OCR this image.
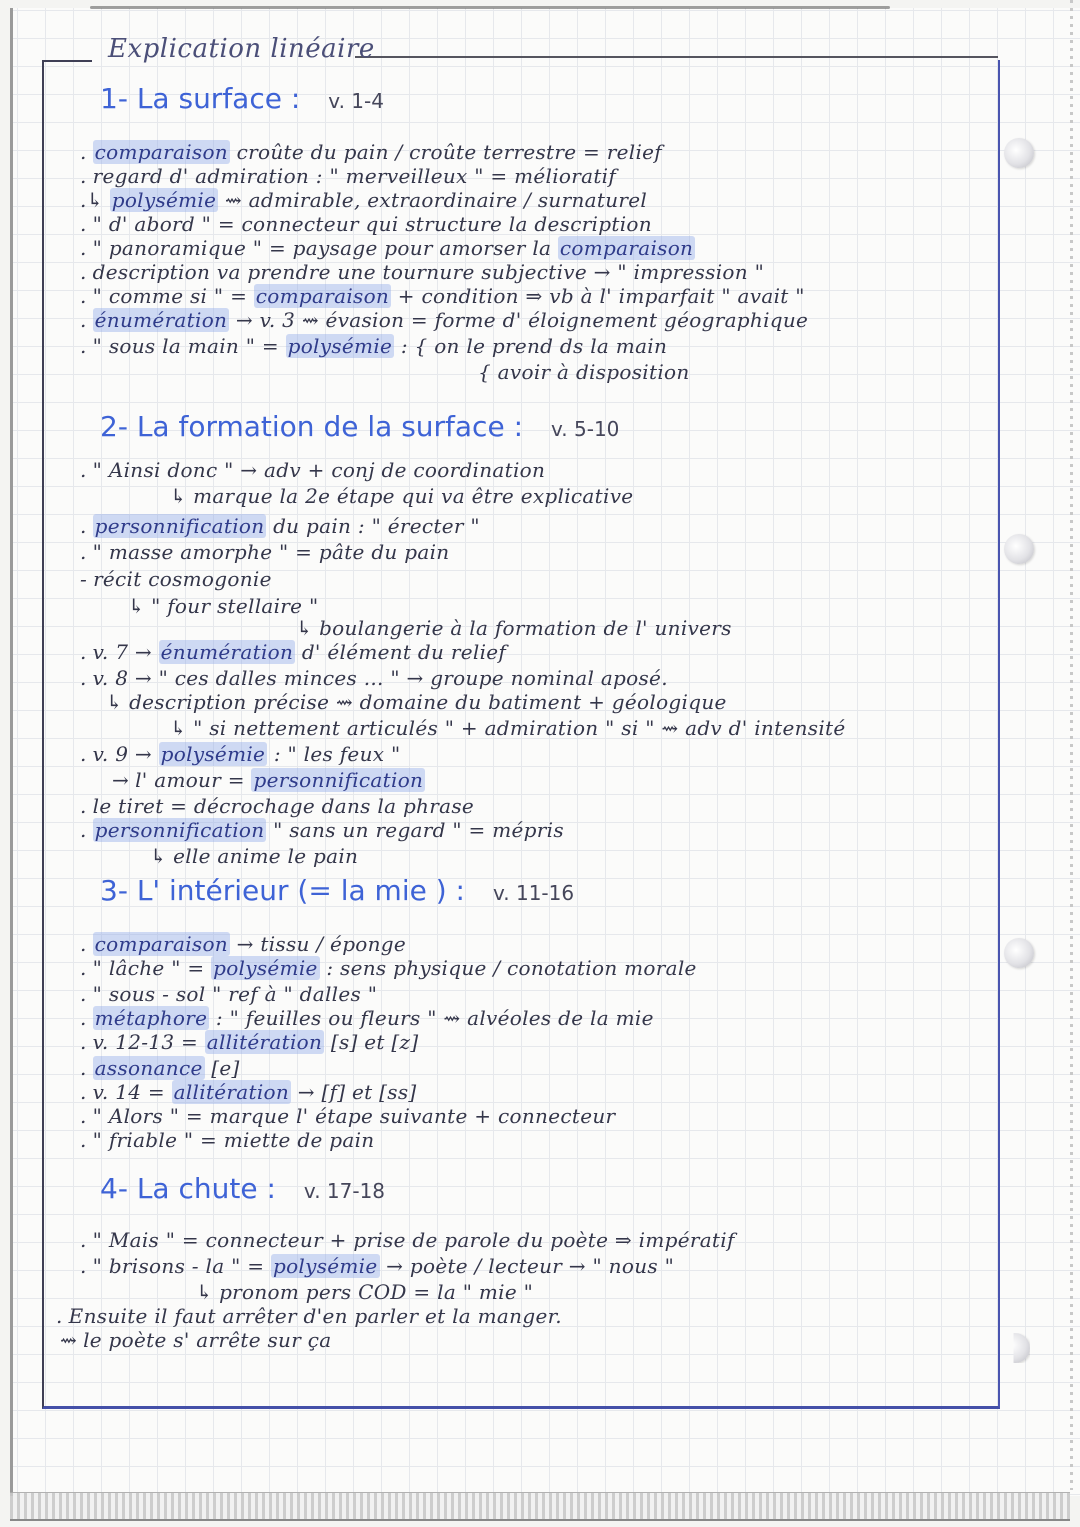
Explication linéaire
1- La surface : v. 1-4
. comparaison croûte du pain / croûte terrestre = relief
. regard d' admiration : " merveilleux " = mélioratif
.↳ polysémie ⇝ admirable, extraordinaire / surnaturel
. " d' abord " = connecteur qui structure la description
. " panoramique " = paysage pour amorser la comparaison
. description va prendre une tournure subjective → " impression "
. " comme si " = comparaison + condition ⇒ vb à l' imparfait " avait "
. énumération → v. 3 ⇝ évasion = forme d' éloignement géographique
. " sous la main " = polysémie : { on le prend ds la main
{ avoir à disposition
2- La formation de la surface : v. 5-10
. " Ainsi donc " → adv + conj de coordination
↳ marque la 2e étape qui va être explicative
. personnification du pain : " érecter "
. " masse amorphe " = pâte du pain
- récit cosmogonie
↳ " four stellaire "
↳ boulangerie à la formation de l' univers
. v. 7 → énumération d' élément du relief
. v. 8 → " ces dalles minces ... " → groupe nominal aposé.
↳ description précise ⇝ domaine du batiment + géologique
↳ " si nettement articulés " + admiration " si " ⇝ adv d' intensité
. v. 9 → polysémie : " les feux "
→ l' amour = personnification
. le tiret = décrochage dans la phrase
. personnification " sans un regard " = mépris
↳ elle anime le pain
3- L' intérieur (= la mie ) : v. 11-16
. comparaison → tissu / éponge
. " lâche " = polysémie : sens physique / conotation morale
. " sous - sol " ref à " dalles "
. métaphore : " feuilles ou fleurs " ⇝ alvéoles de la mie
. v. 12-13 = allitération [s] et [z]
. assonance [e]
. v. 14 = allitération → [f] et [ss]
. " Alors " = marque l' étape suivante + connecteur
. " friable " = miette de pain
4- La chute : v. 17-18
. " Mais " = connecteur + prise de parole du poète ⇒ impératif
. " brisons - la " = polysémie → poète / lecteur → " nous "
↳ pronom pers COD = la " mie "
. Ensuite il faut arrêter d'en parler et la manger.
⇝ le poète s' arrête sur ça
